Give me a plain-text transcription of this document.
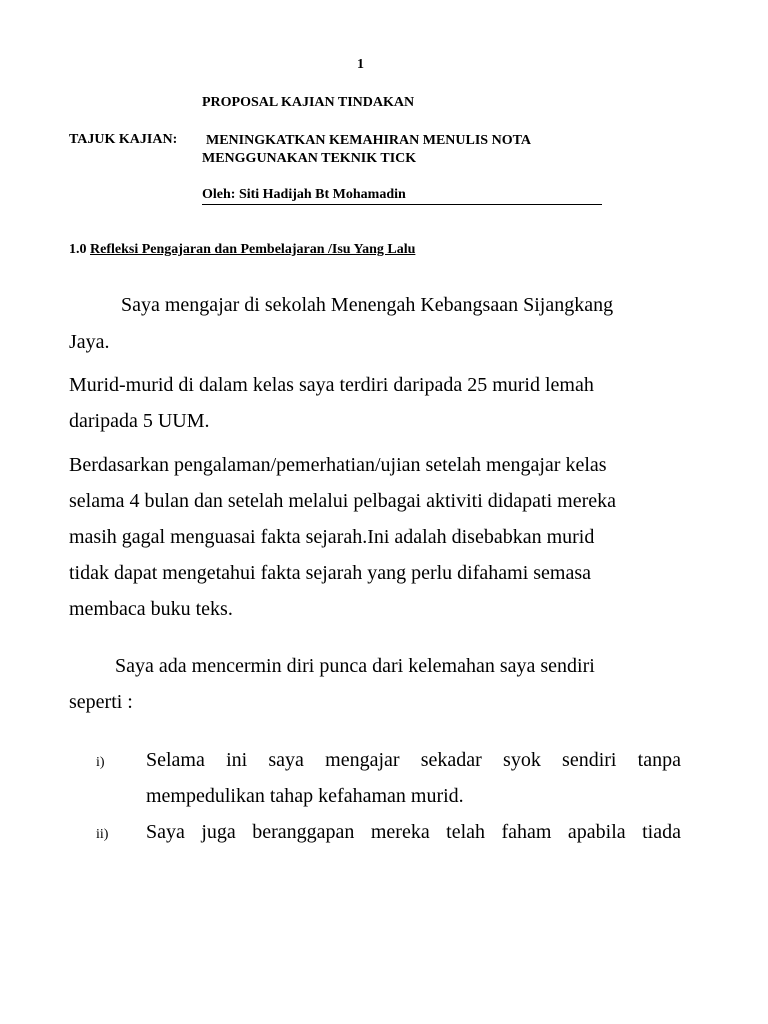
1
PROPOSAL KAJIAN TINDAKAN
TAJUK KAJIAN: MENINGKATKAN KEMAHIRAN MENULIS NOTA
MENGGUNAKAN TEKNIK TICK
Oleh: Siti Hadijah Bt Mohamadin
1.0 Refleksi Pengajaran dan Pembelajaran /Isu Yang Lalu
Saya mengajar di sekolah Menengah Kebangsaan Sijangkang
Jaya.
Murid-murid di dalam kelas saya terdiri daripada 25 murid lemah
daripada 5 UUM.
Berdasarkan pengalaman/pemerhatian/ujian setelah mengajar kelas
selama 4 bulan dan setelah melalui pelbagai aktiviti didapati mereka
masih gagal menguasai fakta sejarah.Ini adalah disebabkan murid
tidak dapat mengetahui fakta sejarah yang perlu difahami semasa
membaca buku teks.
Saya ada mencermin diri punca dari kelemahan saya sendiri
seperti :
i) Selama ini saya mengajar sekadar syok sendiri tanpa
mempedulikan tahap kefahaman murid.
ii) Saya juga beranggapan mereka telah faham apabila tiada
